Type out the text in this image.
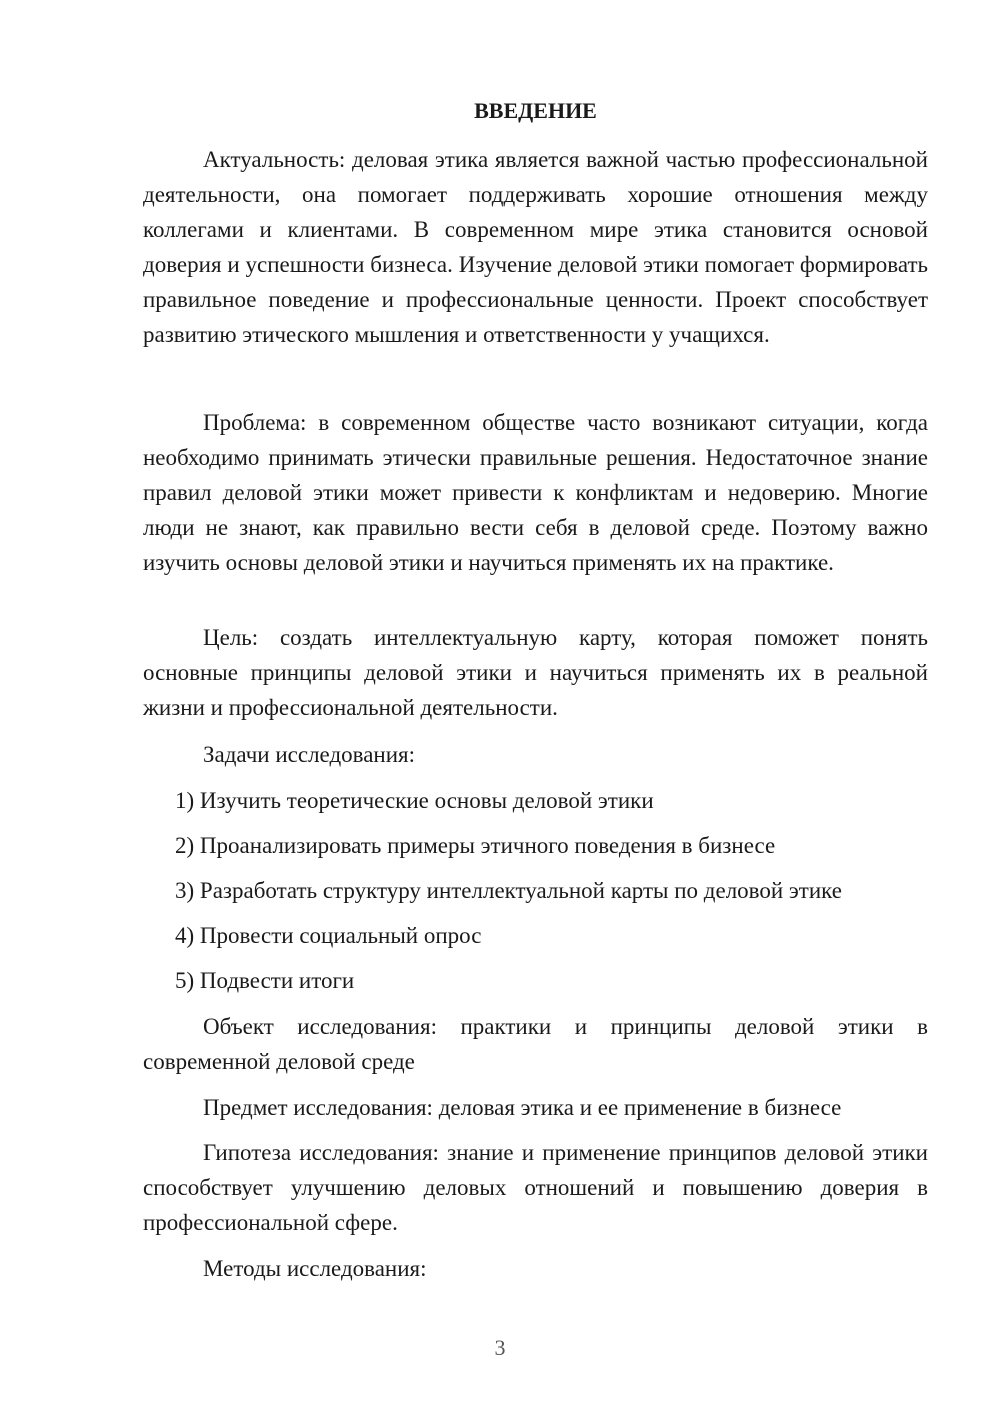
ВВЕДЕНИЕ

Актуальность: деловая этика является важной частью профессиональной деятельности, она помогает поддерживать хорошие отношения между коллегами и клиентами. В современном мире этика становится основой доверия и успешности бизнеса. Изучение деловой этики помогает формировать правильное поведение и профессиональные ценности. Проект способствует развитию этического мышления и ответственности у учащихся.

Проблема: в современном обществе часто возникают ситуации, когда необходимо принимать этически правильные решения. Недостаточное знание правил деловой этики может привести к конфликтам и недоверию. Многие люди не знают, как правильно вести себя в деловой среде. Поэтому важно изучить основы деловой этики и научиться применять их на практике.

Цель: создать интеллектуальную карту, которая поможет понять основные принципы деловой этики и научиться применять их в реальной жизни и профессиональной деятельности.

Задачи исследования:

1) Изучить теоретические основы деловой этики

2) Проанализировать примеры этичного поведения в бизнесе

3) Разработать структуру интеллектуальной карты по деловой этике

4) Провести социальный опрос

5) Подвести итоги

Объект исследования: практики и принципы деловой этики в современной деловой среде

Предмет исследования: деловая этика и ее применение в бизнесе

Гипотеза исследования: знание и применение принципов деловой этики способствует улучшению деловых отношений и повышению доверия в профессиональной сфере.

Методы исследования:

3
